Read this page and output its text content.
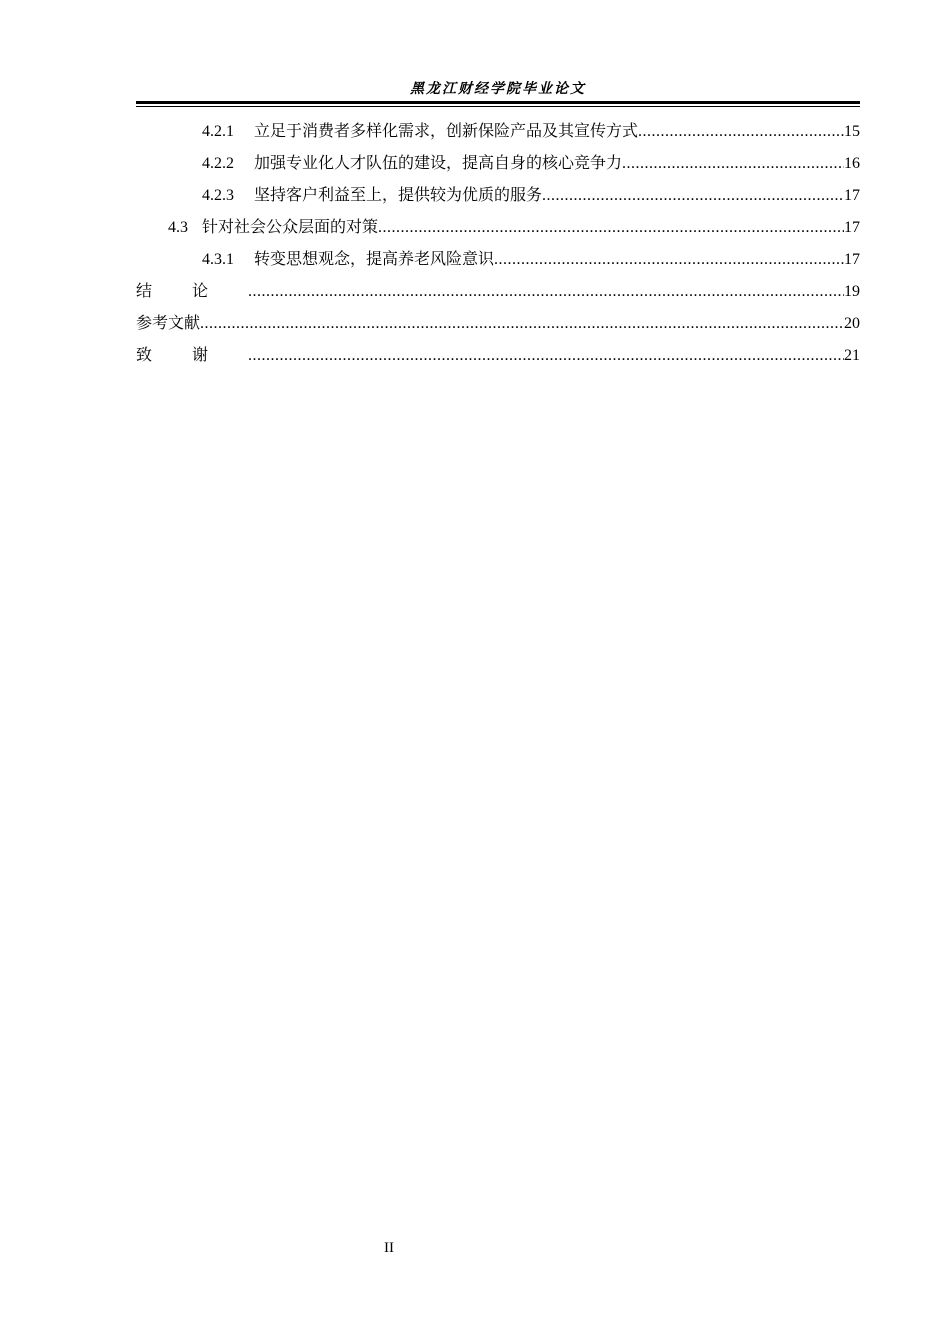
黑龙江财经学院毕业论文
4.2.1 立足于消费者多样化需求，创新保险产品及其宣传方式 .....	15
4.2.2 加强专业化人才队伍的建设，提高自身的核心竞争力 .....	16
4.2.3 坚持客户利益至上，提供较为优质的服务 .....	17
4.3 针对社会公众层面的对策 .....	17
4.3.1 转变思想观念，提高养老风险意识 .....	17
结论 .....	19
参考文献 .....	20
致谢 .....	21
II
